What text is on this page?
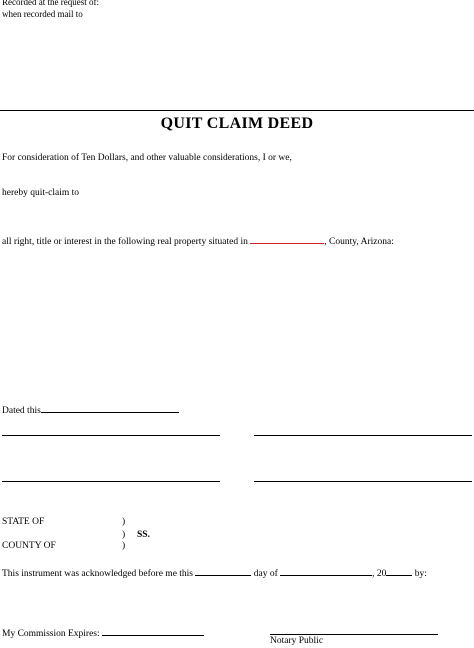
Recorded at the request of:
when recorded mail to
QUIT CLAIM DEED
For consideration of Ten Dollars, and other valuable considerations, I or we,
hereby quit-claim to
all right, title or interest in the following real property situated in	, County, Arizona:
Dated this
STATE OF	)
) SS.
COUNTY OF	)
This instrument was acknowledged before me this	day of	, 20	by:
My Commission Expires:
Notary Public
